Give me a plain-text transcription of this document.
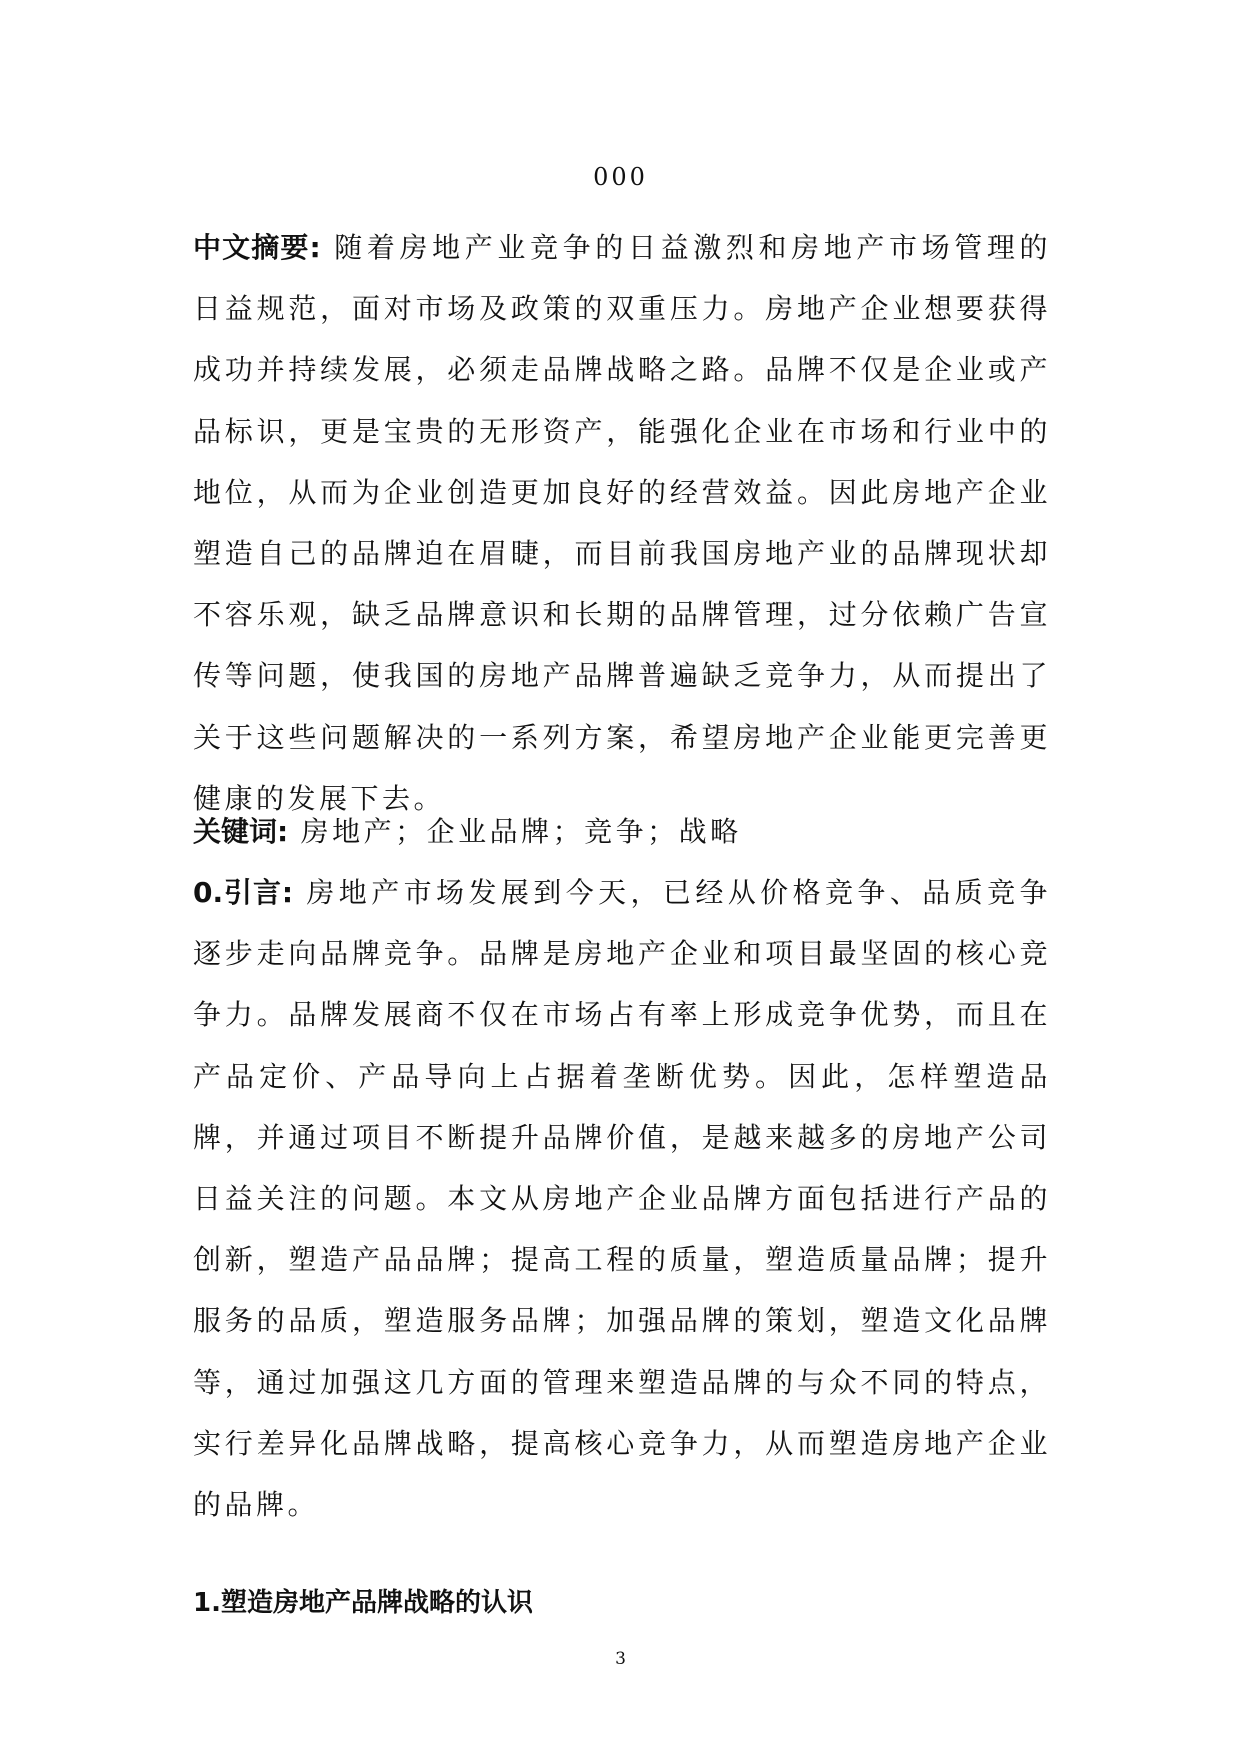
000

中文摘要: 随着房地产业竞争的日益激烈和房地产市场管理的日益规范，面对市场及政策的双重压力。房地产企业想要获得成功并持续发展，必须走品牌战略之路。品牌不仅是企业或产品标识，更是宝贵的无形资产，能强化企业在市场和行业中的地位，从而为企业创造更加良好的经营效益。因此房地产企业塑造自己的品牌迫在眉睫，而目前我国房地产业的品牌现状却不容乐观，缺乏品牌意识和长期的品牌管理，过分依赖广告宣传等问题，使我国的房地产品牌普遍缺乏竞争力，从而提出了关于这些问题解决的一系列方案，希望房地产企业能更完善更健康的发展下去。

关键词: 房地产；企业品牌；竞争；战略

0.引言: 房地产市场发展到今天，已经从价格竞争、品质竞争逐步走向品牌竞争。品牌是房地产企业和项目最坚固的核心竞争力。品牌发展商不仅在市场占有率上形成竞争优势，而且在产品定价、产品导向上占据着垄断优势。因此，怎样塑造品牌，并通过项目不断提升品牌价值，是越来越多的房地产公司日益关注的问题。本文从房地产企业品牌方面包括进行产品的创新，塑造产品品牌；提高工程的质量，塑造质量品牌；提升服务的品质，塑造服务品牌；加强品牌的策划，塑造文化品牌等，通过加强这几方面的管理来塑造品牌的与众不同的特点，实行差异化品牌战略，提高核心竞争力，从而塑造房地产企业的品牌。

1.塑造房地产品牌战略的认识
3
